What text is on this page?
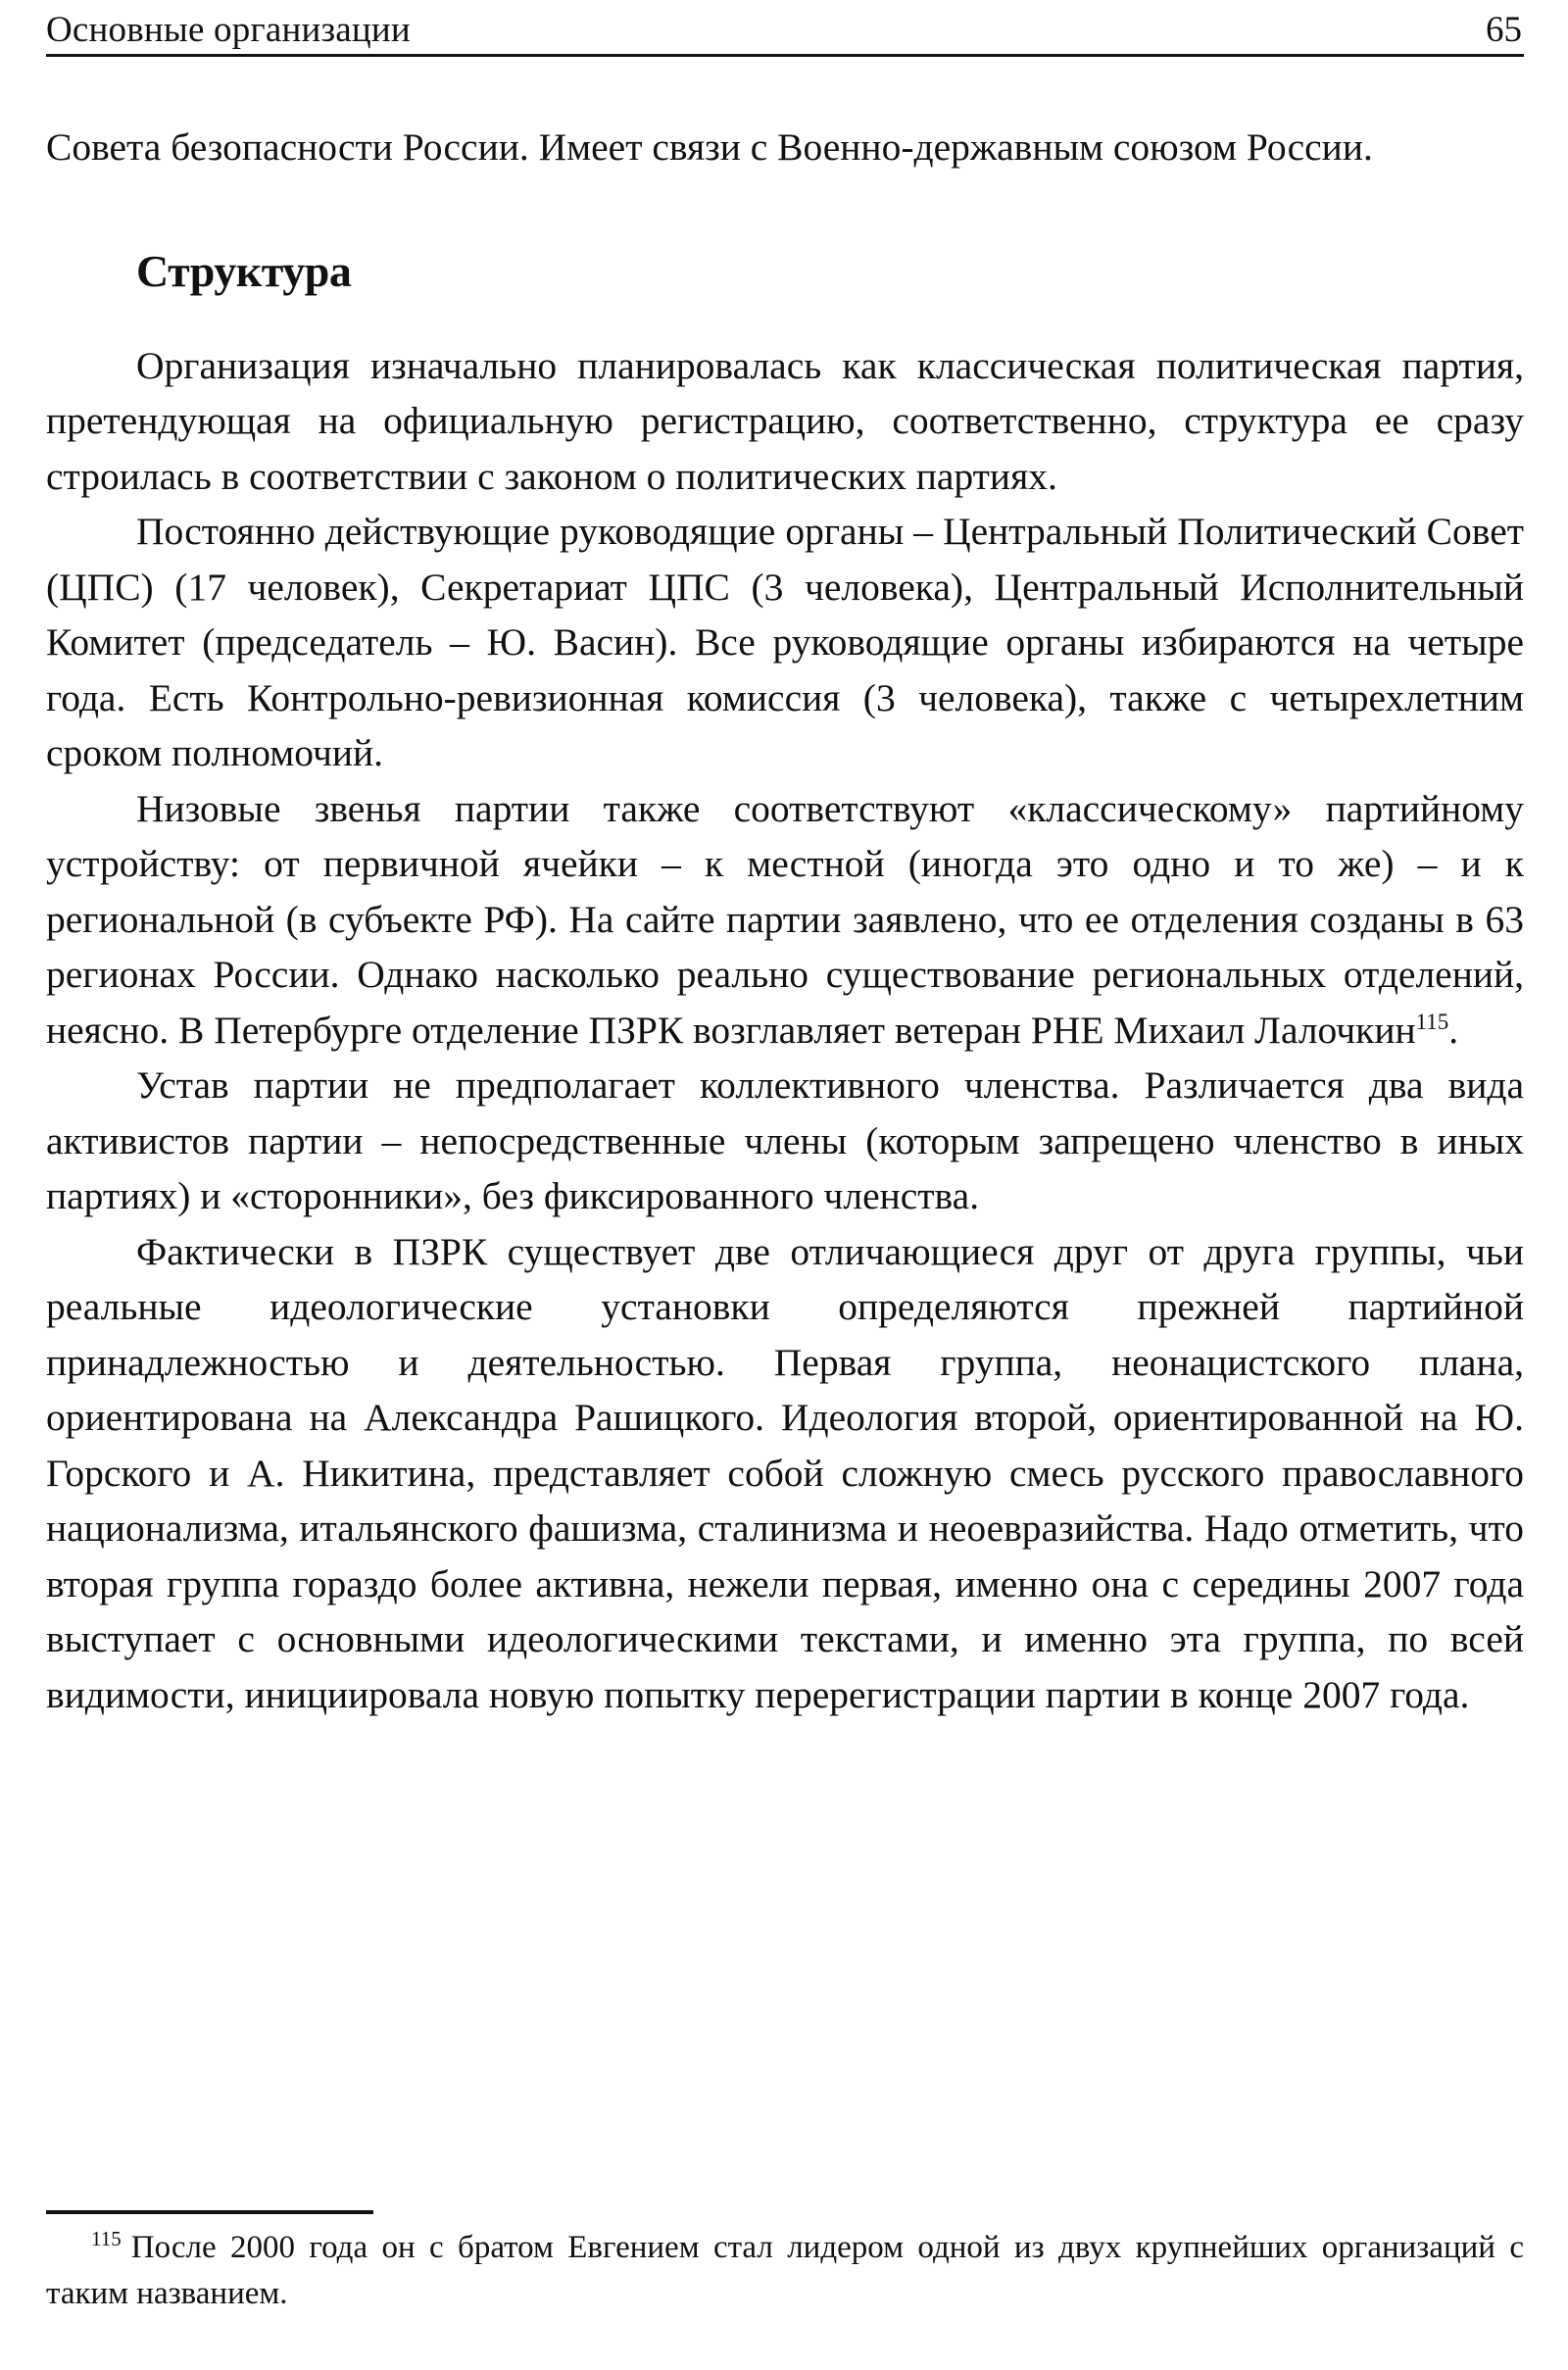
Основные организации	65

Совета безопасности России. Имеет связи с Военно-державным союзом России.

Структура

Организация изначально планировалась как классическая политическая партия, претендующая на официальную регистрацию, соответственно, структура ее сразу строилась в соответствии с законом о политических партиях.

Постоянно действующие руководящие органы – Центральный Политический Совет (ЦПС) (17 человек), Секретариат ЦПС (3 человека), Центральный Исполнительный Комитет (председатель – Ю. Васин). Все руководящие органы избираются на четыре года. Есть Контрольно-ревизионная комиссия (3 человека), также с четырехлетним сроком полномочий.

Низовые звенья партии также соответствуют «классическому» партийному устройству: от первичной ячейки – к местной (иногда это одно и то же) – и к региональной (в субъекте РФ). На сайте партии заявлено, что ее отделения созданы в 63 регионах России. Однако насколько реально существование региональных отделений, неясно. В Петербурге отделение ПЗРК возглавляет ветеран РНЕ Михаил Лалочкин$^{115}$.

Устав партии не предполагает коллективного членства. Различается два вида активистов партии – непосредственные члены (которым запрещено членство в иных партиях) и «сторонники», без фиксированного членства.

Фактически в ПЗРК существует две отличающиеся друг от друга группы, чьи реальные идеологические установки определяются прежней партийной принадлежностью и деятельностью. Первая группа, неонацистского плана, ориентирована на Александра Рашицкого. Идеология второй, ориентированной на Ю. Горского и А. Никитина, представляет собой сложную смесь русского православного национализма, итальянского фашизма, сталинизма и неоевразийства. Надо отметить, что вторая группа гораздо более активна, нежели первая, именно она с середины 2007 года выступает с основными идеологическими текстами, и именно эта группа, по всей видимости, инициировала новую попытку перерегистрации партии в конце 2007 года.

115 После 2000 года он с братом Евгением стал лидером одной из двух крупнейших организаций с таким названием.
